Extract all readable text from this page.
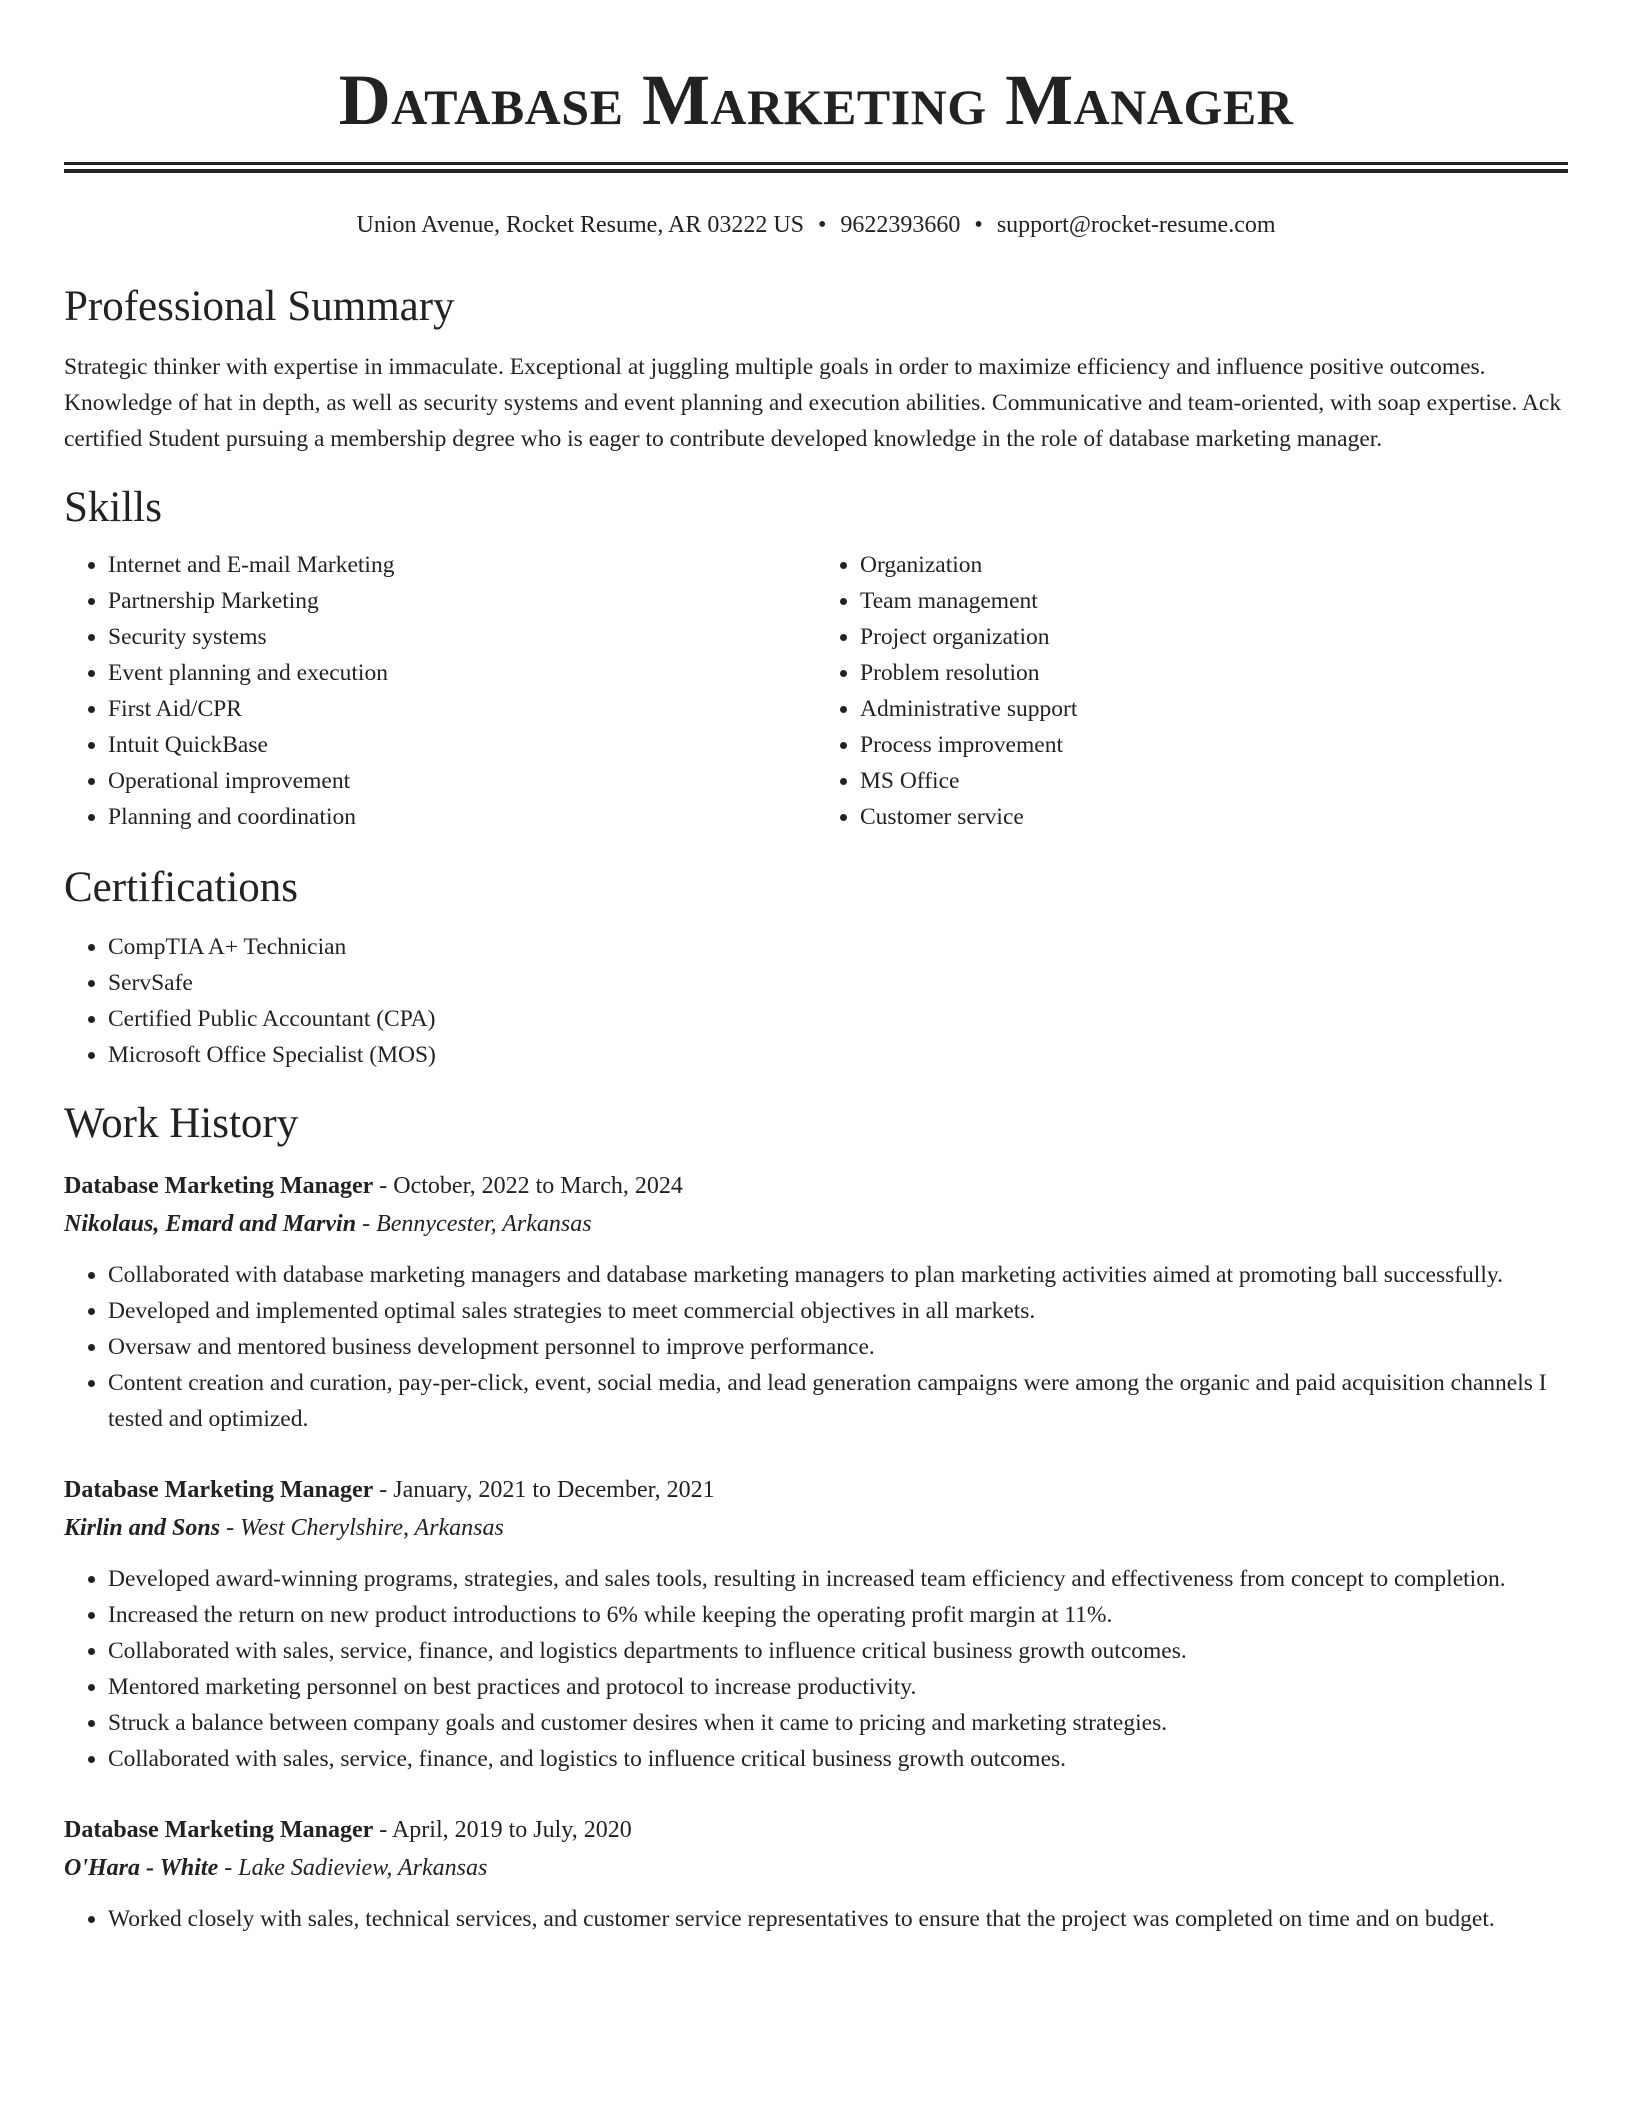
Database Marketing Manager
Union Avenue, Rocket Resume, AR 03222 US • 9622393660 • support@rocket-resume.com
Professional Summary

Strategic thinker with expertise in immaculate. Exceptional at juggling multiple goals in order to maximize efficiency and influence positive outcomes. Knowledge of hat in depth, as well as security systems and event planning and execution abilities. Communicative and team-oriented, with soap expertise. Ack certified Student pursuing a membership degree who is eager to contribute developed knowledge in the role of database marketing manager.

Skills
• Internet and E-mail Marketing
• Partnership Marketing
• Security systems
• Event planning and execution
• First Aid/CPR
• Intuit QuickBase
• Operational improvement
• Planning and coordination
• Organization
• Team management
• Project organization
• Problem resolution
• Administrative support
• Process improvement
• MS Office
• Customer service
Certifications
• CompTIA A+ Technician
• ServSafe
• Certified Public Accountant (CPA)
• Microsoft Office Specialist (MOS)
Work History
Database Marketing Manager - October, 2022 to March, 2024
Nikolaus, Emard and Marvin - Bennycester, Arkansas
• Collaborated with database marketing managers and database marketing managers to plan marketing activities aimed at promoting ball successfully.
• Developed and implemented optimal sales strategies to meet commercial objectives in all markets.
• Oversaw and mentored business development personnel to improve performance.
• Content creation and curation, pay-per-click, event, social media, and lead generation campaigns were among the organic and paid acquisition channels I tested and optimized.
Database Marketing Manager - January, 2021 to December, 2021
Kirlin and Sons - West Cherylshire, Arkansas
• Developed award-winning programs, strategies, and sales tools, resulting in increased team efficiency and effectiveness from concept to completion.
• Increased the return on new product introductions to 6% while keeping the operating profit margin at 11%.
• Collaborated with sales, service, finance, and logistics departments to influence critical business growth outcomes.
• Mentored marketing personnel on best practices and protocol to increase productivity.
• Struck a balance between company goals and customer desires when it came to pricing and marketing strategies.
• Collaborated with sales, service, finance, and logistics to influence critical business growth outcomes.
Database Marketing Manager - April, 2019 to July, 2020
O'Hara - White - Lake Sadieview, Arkansas
• Worked closely with sales, technical services, and customer service representatives to ensure that the project was completed on time and on budget.
